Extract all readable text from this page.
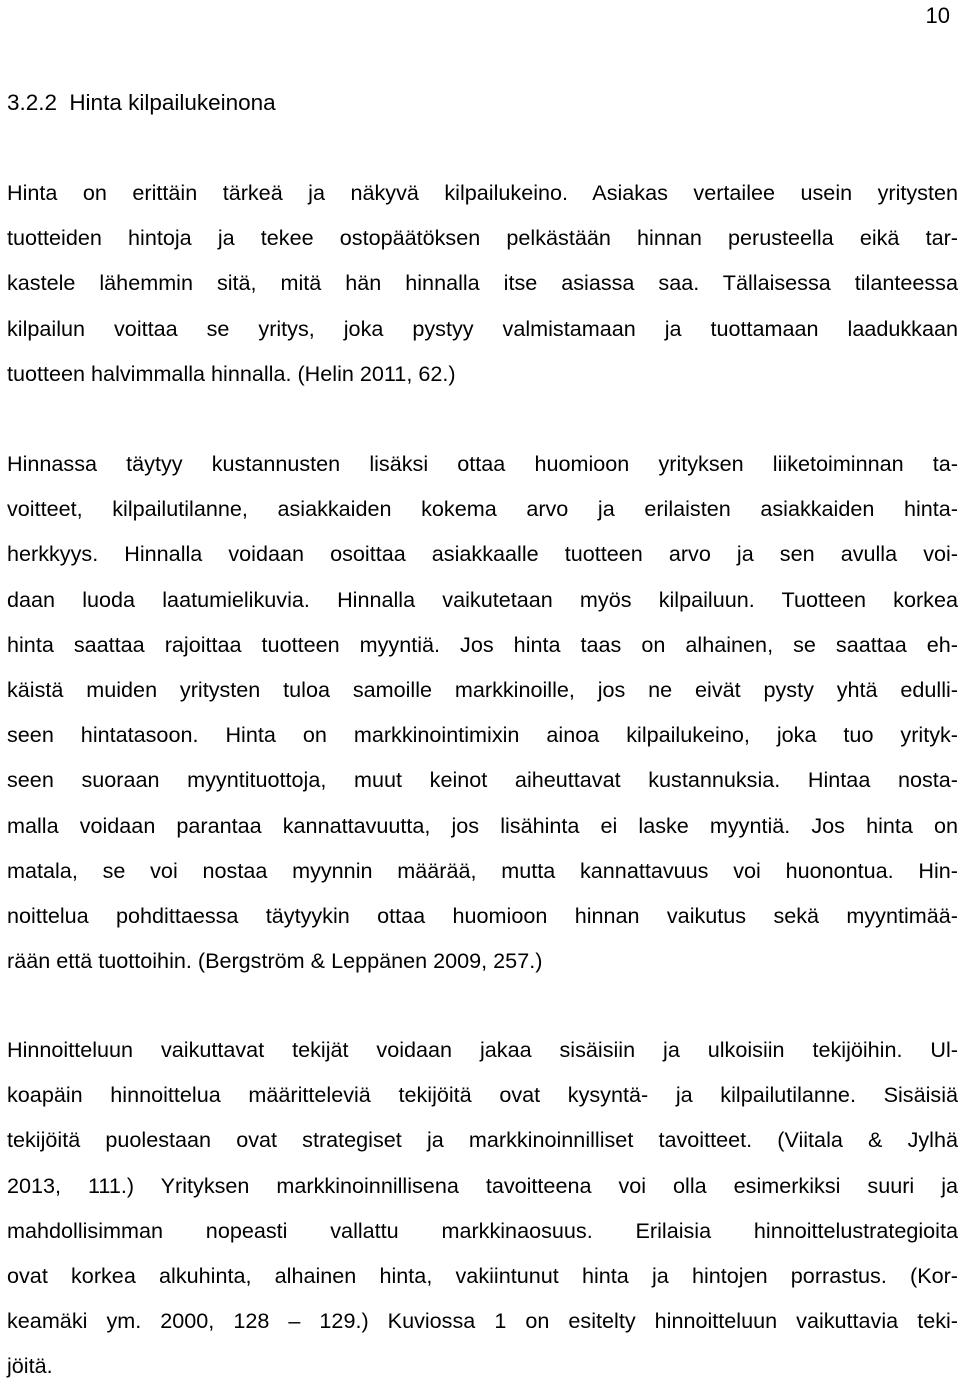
10
3.2.2 Hinta kilpailukeinona

Hinta on erittäin tärkeä ja näkyvä kilpailukeino. Asiakas vertailee usein yritysten
tuotteiden hintoja ja tekee ostopäätöksen pelkästään hinnan perusteella eikä tar-
kastele lähemmin sitä, mitä hän hinnalla itse asiassa saa. Tällaisessa tilanteessa
kilpailun voittaa se yritys, joka pystyy valmistamaan ja tuottamaan laadukkaan
tuotteen halvimmalla hinnalla. (Helin 2011, 62.)

Hinnassa täytyy kustannusten lisäksi ottaa huomioon yrityksen liiketoiminnan ta-
voitteet, kilpailutilanne, asiakkaiden kokema arvo ja erilaisten asiakkaiden hinta-
herkkyys. Hinnalla voidaan osoittaa asiakkaalle tuotteen arvo ja sen avulla voi-
daan luoda laatumielikuvia. Hinnalla vaikutetaan myös kilpailuun. Tuotteen korkea
hinta saattaa rajoittaa tuotteen myyntiä. Jos hinta taas on alhainen, se saattaa eh-
käistä muiden yritysten tuloa samoille markkinoille, jos ne eivät pysty yhtä edulli-
seen hintatasoon. Hinta on markkinointimixin ainoa kilpailukeino, joka tuo yrityk-
seen suoraan myyntituottoja, muut keinot aiheuttavat kustannuksia. Hintaa nosta-
malla voidaan parantaa kannattavuutta, jos lisähinta ei laske myyntiä. Jos hinta on
matala, se voi nostaa myynnin määrää, mutta kannattavuus voi huonontua. Hin-
noittelua pohdittaessa täytyykin ottaa huomioon hinnan vaikutus sekä myyntimää-
rään että tuottoihin. (Bergström & Leppänen 2009, 257.)

Hinnoitteluun vaikuttavat tekijät voidaan jakaa sisäisiin ja ulkoisiin tekijöihin. Ul-
koapäin hinnoittelua määritteleviä tekijöitä ovat kysyntä- ja kilpailutilanne. Sisäisiä
tekijöitä puolestaan ovat strategiset ja markkinoinnilliset tavoitteet. (Viitala & Jylhä
2013, 111.) Yrityksen markkinoinnillisena tavoitteena voi olla esimerkiksi suuri ja
mahdollisimman nopeasti vallattu markkinaosuus. Erilaisia hinnoittelustrategioita
ovat korkea alkuhinta, alhainen hinta, vakiintunut hinta ja hintojen porrastus. (Kor-
keamäki ym. 2000, 128 – 129.) Kuviossa 1 on esitelty hinnoitteluun vaikuttavia teki-
jöitä.
